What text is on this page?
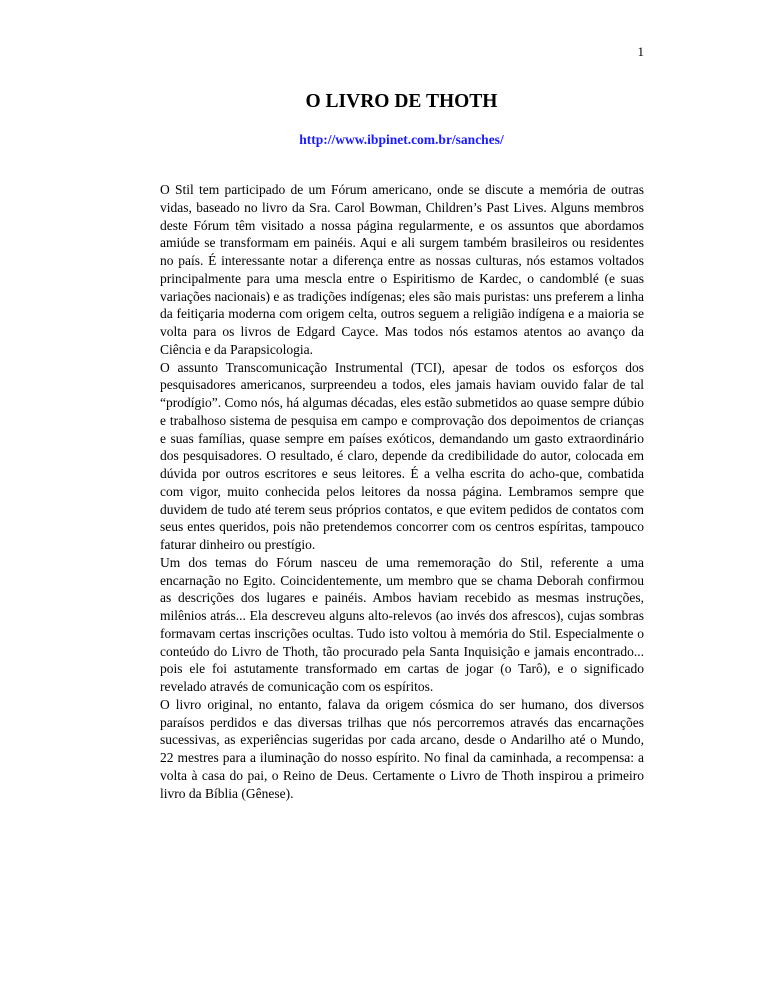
1
O LIVRO DE THOTH
http://www.ibpinet.com.br/sanches/

O Stil tem participado de um Fórum americano, onde se discute a memória de outras vidas, baseado no livro da Sra. Carol Bowman, Children’s Past Lives. Alguns membros deste Fórum têm visitado a nossa página regularmente, e os assuntos que abordamos amiúde se transformam em painéis. Aqui e ali surgem também brasileiros ou residentes no país. É interessante notar a diferença entre as nossas culturas, nós estamos voltados principalmente para uma mescla entre o Espiritismo de Kardec, o candomblé (e suas variações nacionais) e as tradições indígenas; eles são mais puristas: uns preferem a linha da feitiçaria moderna com origem celta, outros seguem a religião indígena e a maioria se volta para os livros de Edgard Cayce. Mas todos nós estamos atentos ao avanço da Ciência e da Parapsicologia.

O assunto Transcomunicação Instrumental (TCI), apesar de todos os esforços dos pesquisadores americanos, surpreendeu a todos, eles jamais haviam ouvido falar de tal “prodígio”. Como nós, há algumas décadas, eles estão submetidos ao quase sempre dúbio e trabalhoso sistema de pesquisa em campo e comprovação dos depoimentos de crianças e suas famílias, quase sempre em países exóticos, demandando um gasto extraordinário dos pesquisadores. O resultado, é claro, depende da credibilidade do autor, colocada em dúvida por outros escritores e seus leitores. É a velha escrita do acho-que, combatida com vigor, muito conhecida pelos leitores da nossa página. Lembramos sempre que duvidem de tudo até terem seus próprios contatos, e que evitem pedidos de contatos com seus entes queridos, pois não pretendemos concorrer com os centros espíritas, tampouco faturar dinheiro ou prestígio.

Um dos temas do Fórum nasceu de uma rememoração do Stil, referente a uma encarnação no Egito. Coincidentemente, um membro que se chama Deborah confirmou as descrições dos lugares e painéis. Ambos haviam recebido as mesmas instruções, milênios atrás... Ela descreveu alguns alto-relevos (ao invés dos afrescos), cujas sombras formavam certas inscrições ocultas. Tudo isto voltou à memória do Stil. Especialmente o conteúdo do Livro de Thoth, tão procurado pela Santa Inquisição e jamais encontrado... pois ele foi astutamente transformado em cartas de jogar (o Tarô), e o significado revelado através de comunicação com os espíritos.

O livro original, no entanto, falava da origem cósmica do ser humano, dos diversos paraísos perdidos e das diversas trilhas que nós percorremos através das encarnações sucessivas, as experiências sugeridas por cada arcano, desde o Andarilho até o Mundo, 22 mestres para a iluminação do nosso espírito. No final da caminhada, a recompensa: a volta à casa do pai, o Reino de Deus. Certamente o Livro de Thoth inspirou a primeiro livro da Bíblia (Gênese).
